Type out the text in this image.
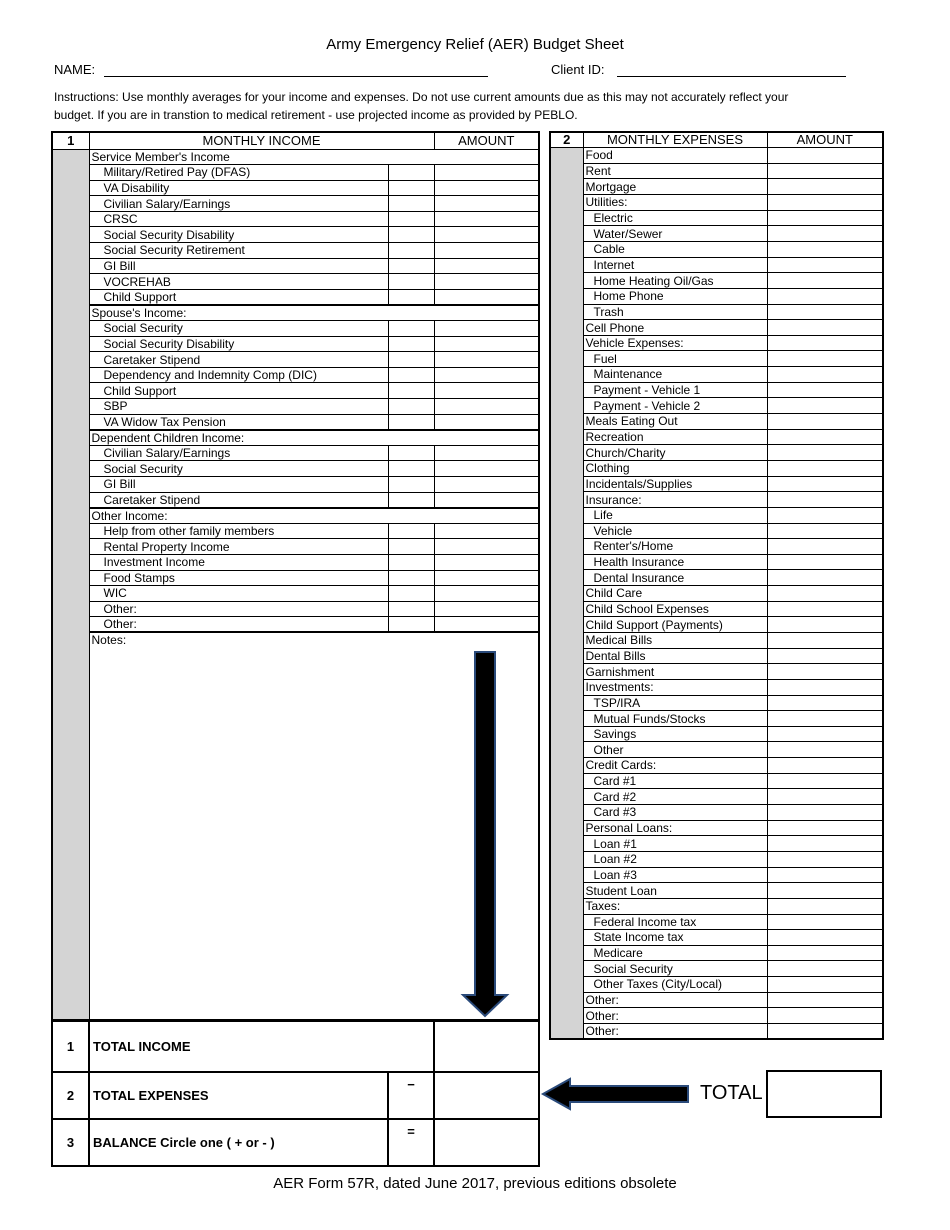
Army Emergency Relief (AER) Budget Sheet
NAME:	Client ID:
Instructions: Use monthly averages for your income and expenses. Do not use current amounts due as this may not accurately reflect your
budget. If you are in transtion to medical retirement - use projected income as provided by PEBLO.
1	MONTHLY INCOME		AMOUNT
	Service Member's Income		
	Military/Retired Pay (DFAS)		
	VA Disability		
	Civilian Salary/Earnings		
	CRSC		
	Social Security Disability		
	Social Security Retirement		
	GI Bill		
	VOCREHAB		
	Child Support		
	Spouse's Income:		
	Social Security		
	Social Security Disability		
	Caretaker Stipend		
	Dependency and Indemnity Comp (DIC)		
	Child Support		
	SBP		
	VA Widow Tax Pension		
	Dependent Children Income:		
	Civilian Salary/Earnings		
	Social Security		
	GI Bill		
	Caretaker Stipend		
	Other Income:		
	Help from other family members		
	Rental Property Income		
	Investment Income		
	Food Stamps		
	WIC		
	Other:		
	Other:		
	Notes:		
2	MONTHLY EXPENSES	AMOUNT
	Food	
	Rent	
	Mortgage	
	Utilities:	
	Electric	
	Water/Sewer	
	Cable	
	Internet	
	Home Heating Oil/Gas	
	Home Phone	
	Trash	
	Cell Phone	
	Vehicle Expenses:	
	Fuel	
	Maintenance	
	Payment - Vehicle 1	
	Payment - Vehicle 2	
	Meals Eating Out	
	Recreation	
	Church/Charity	
	Clothing	
	Incidentals/Supplies	
	Insurance:	
	Life	
	Vehicle	
	Renter's/Home	
	Health Insurance	
	Dental Insurance	
	Child Care	
	Child School Expenses	
	Child Support (Payments)	
	Medical Bills	
	Dental Bills	
	Garnishment	
	Investments:	
	TSP/IRA	
	Mutual Funds/Stocks	
	Savings	
	Other	
	Credit Cards:	
	Card #1	
	Card #2	
	Card #3	
	Personal Loans:	
	Loan #1	
	Loan #2	
	Loan #3	
	Student Loan	
	Taxes:	
	Federal Income tax	
	State Income tax	
	Medicare	
	Social Security	
	Other Taxes (City/Local)	
	Other:	
	Other:	
	Other:	
1	TOTAL INCOME		
2	TOTAL EXPENSES	−	
3	BALANCE Circle one ( + or - )	=	
TOTAL
AER Form 57R, dated June 2017, previous editions obsolete
